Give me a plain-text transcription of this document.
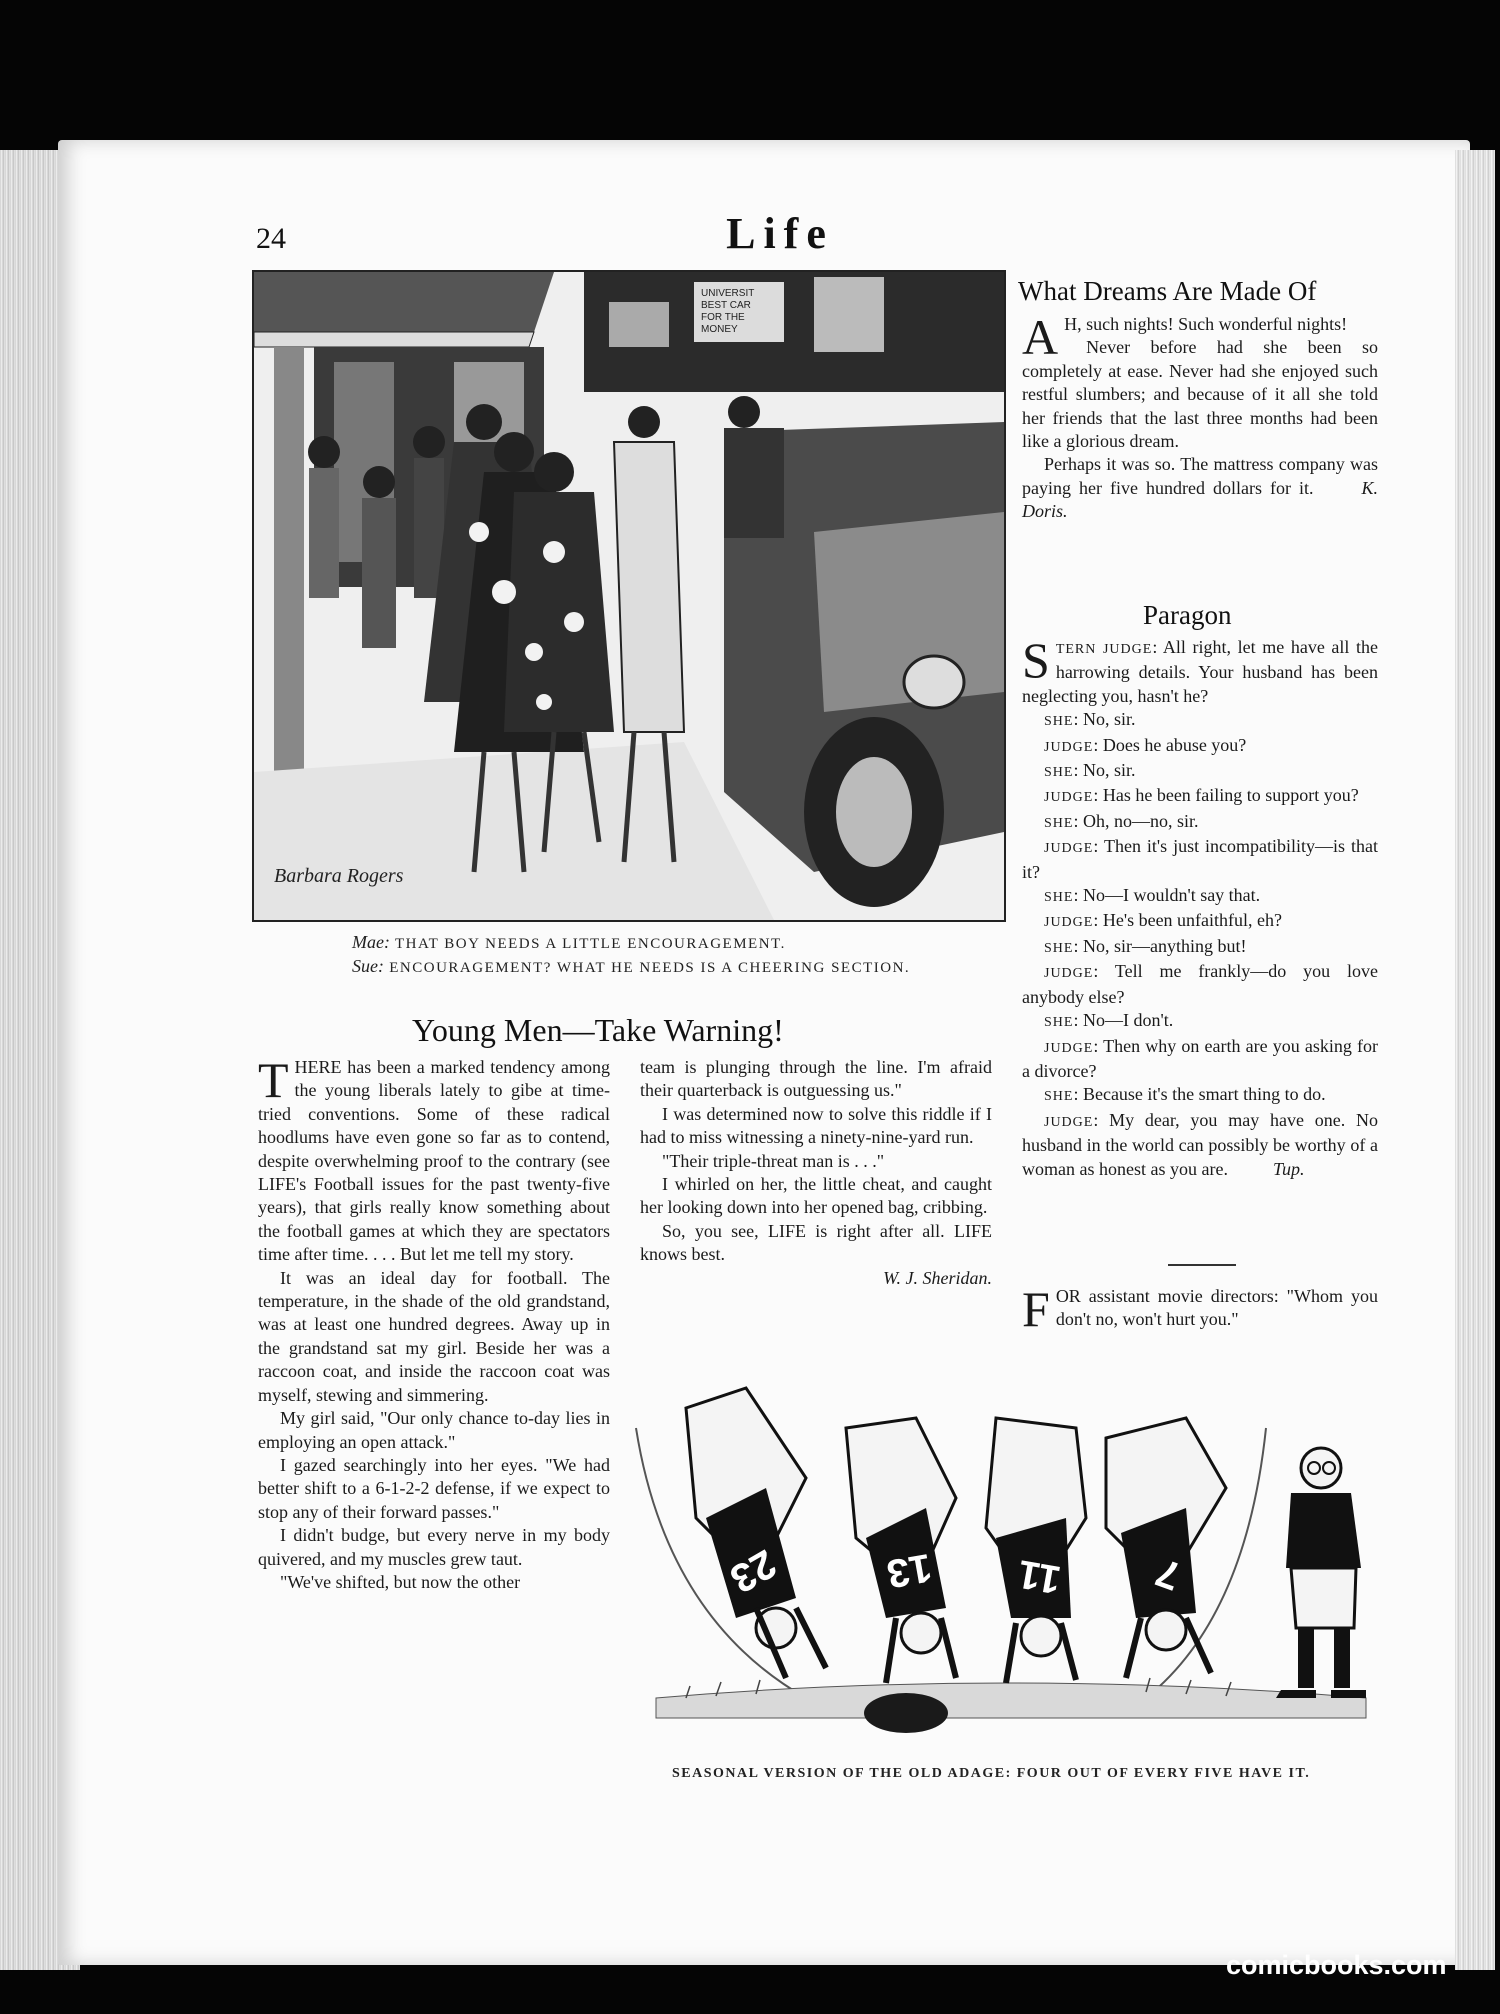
24	Life
UNIVERSIT
BEST CAR
FOR THE
MONEY
Barbara Rogers
Mae: THAT BOY NEEDS A LITTLE ENCOURAGEMENT.
Sue: ENCOURAGEMENT? WHAT HE NEEDS IS A CHEERING SECTION.
What Dreams Are Made Of

A H, such nights! Such wonderful nights!

Never before had she been so completely at ease. Never had she enjoyed such restful slumbers; and because of it all she told her friends that the last three months had been like a glorious dream.

Perhaps it was so. The mattress company was paying her five hundred dollars for it.	K. Doris.

Paragon

STERN JUDGE: All right, let me have all the harrowing details. Your husband has been neglecting you, hasn't he?

SHE: No, sir.

JUDGE: Does he abuse you?

SHE: No, sir.

JUDGE: Has he been failing to support you?

SHE: Oh, no—no, sir.

JUDGE: Then it's just incompatibility—is that it?

SHE: No—I wouldn't say that.

JUDGE: He's been unfaithful, eh?

SHE: No, sir—anything but!

JUDGE: Tell me frankly—do you love anybody else?

SHE: No—I don't.

JUDGE: Then why on earth are you asking for a divorce?

SHE: Because it's the smart thing to do.

JUDGE: My dear, you may have one. No husband in the world can possibly be worthy of a woman as honest as you are.	Tup.

FOR assistant movie directors: "Whom you don't no, won't hurt you."

Young Men—Take Warning!

THERE has been a marked tendency among the young liberals lately to gibe at time-tried conventions. Some of these radical hoodlums have even gone so far as to contend, despite overwhelming proof to the contrary (see LIFE's Football issues for the past twenty-five years), that girls really know something about the football games at which they are spectators time after time. . . . But let me tell my story.

It was an ideal day for football. The temperature, in the shade of the old grandstand, was at least one hundred degrees. Away up in the grandstand sat my girl. Beside her was a raccoon coat, and inside the raccoon coat was myself, stewing and simmering.

My girl said, "Our only chance to-day lies in employing an open attack."

I gazed searchingly into her eyes. "We had better shift to a 6-1-2-2 defense, if we expect to stop any of their forward passes."

I didn't budge, but every nerve in my body quivered, and my muscles grew taut.

"We've shifted, but now the other

team is plunging through the line. I'm afraid their quarterback is outguessing us."

I was determined now to solve this riddle if I had to miss witnessing a ninety-nine-yard run.

"Their triple-threat man is . . ."

I whirled on her, the little cheat, and caught her looking down into her opened bag, cribbing.

So, you see, LIFE is right after all. LIFE knows best.

W. J. Sheridan.

23	13 11 7
SEASONAL VERSION OF THE OLD ADAGE: FOUR OUT OF EVERY FIVE HAVE IT.
comicbooks.com
